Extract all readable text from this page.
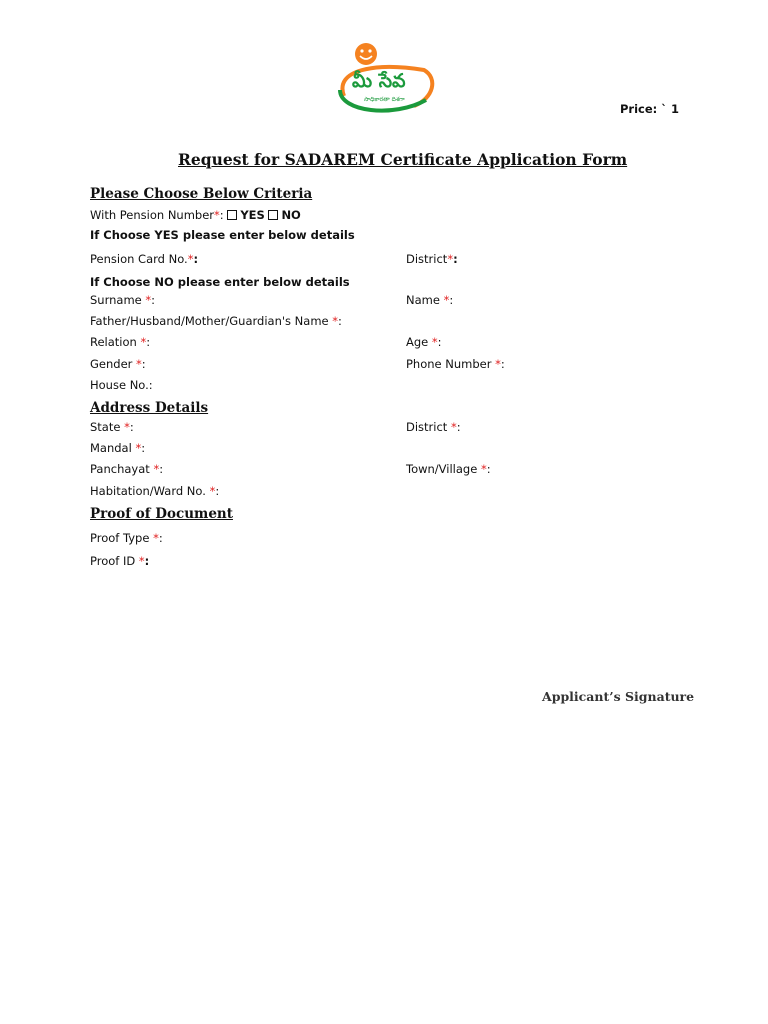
మీ సేవ
సాధికారతా దిశగా
Price: ` 1
Request for SADAREM Certificate Application Form
Please Choose Below Criteria
With Pension Number*: YES NO
If Choose YES please enter below details
Pension Card No.*:	District*:
If Choose NO please enter below details
Surname *:	Name *:
Father/Husband/Mother/Guardian's Name *:
Relation *:	Age *:
Gender *:	Phone Number *:
House No.:
Address Details
State *:	District *:
Mandal *:
Panchayat *:	Town/Village *:
Habitation/Ward No. *:
Proof of Document
Proof Type *:
Proof ID *:
Applicant’s Signature
